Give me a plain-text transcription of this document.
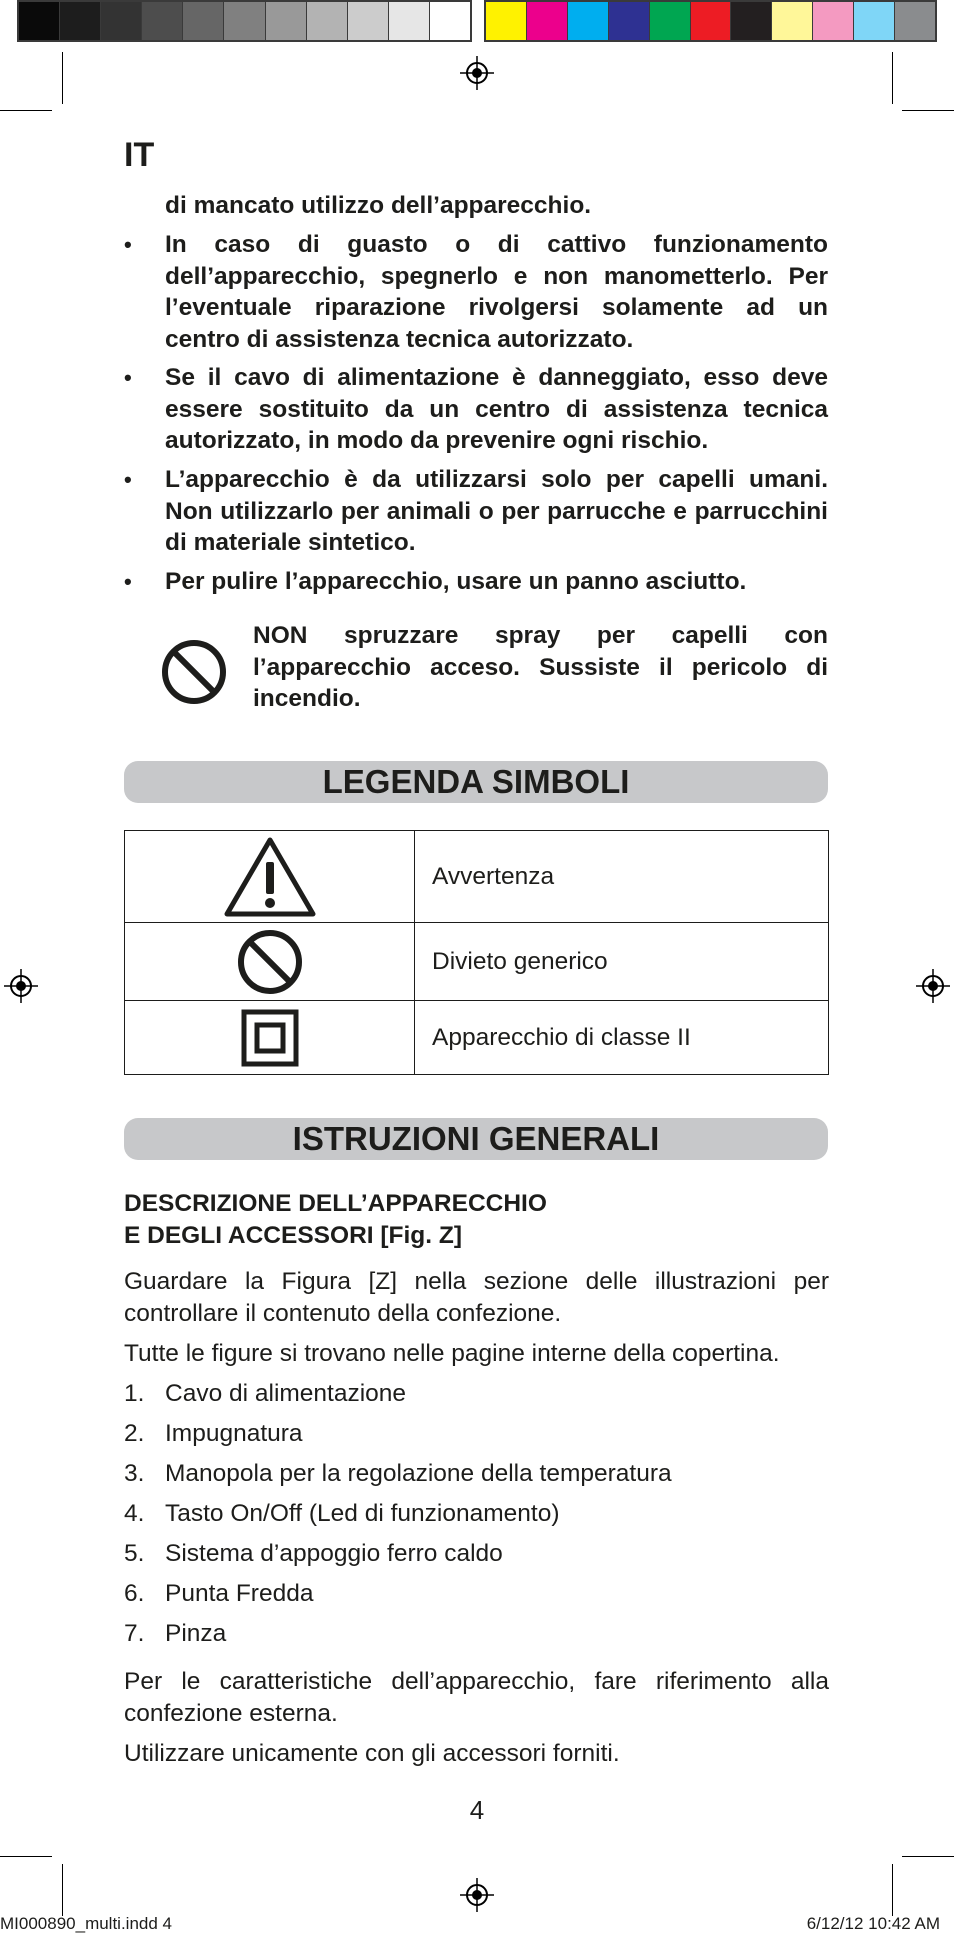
IT
di mancato utilizzo dell’apparecchio.
• In caso di guasto o di cattivo funzionamento dell’apparecchio, spegnerlo e non manometterlo. Per l’eventuale riparazione rivolgersi solamente ad un centro di assistenza tecnica autorizzato.
• Se il cavo di alimentazione è danneggiato, esso deve essere sostituito da un centro di assistenza tecnica autorizzato, in modo da prevenire ogni rischio.
• L’apparecchio è da utilizzarsi solo per capelli umani. Non utilizzarlo per animali o per parrucche e parrucchini di materiale sintetico.
• Per pulire l’apparecchio, usare un panno asciutto.
NON spruzzare spray per capelli con l’apparecchio acceso. Sussiste il pericolo di incendio.
LEGENDA SIMBOLI
	Avvertenza

	Divieto generico

	Apparecchio di classe II
ISTRUZIONI GENERALI
DESCRIZIONE DELL’APPARECCHIO
E DEGLI ACCESSORI [Fig. Z]
Guardare la Figura [Z] nella sezione delle illustrazioni per controllare il contenuto della confezione.
Tutte le figure si trovano nelle pagine interne della copertina.
1. Cavo di alimentazione
2. Impugnatura
3. Manopola per la regolazione della temperatura
4. Tasto On/Off (Led di funzionamento)
5. Sistema d’appoggio ferro caldo
6. Punta Fredda
7. Pinza
Per le caratteristiche dell’apparecchio, fare riferimento alla confezione esterna.
Utilizzare unicamente con gli accessori forniti.
4
MI000890_multi.indd 4	6/12/12 10:42 AM
